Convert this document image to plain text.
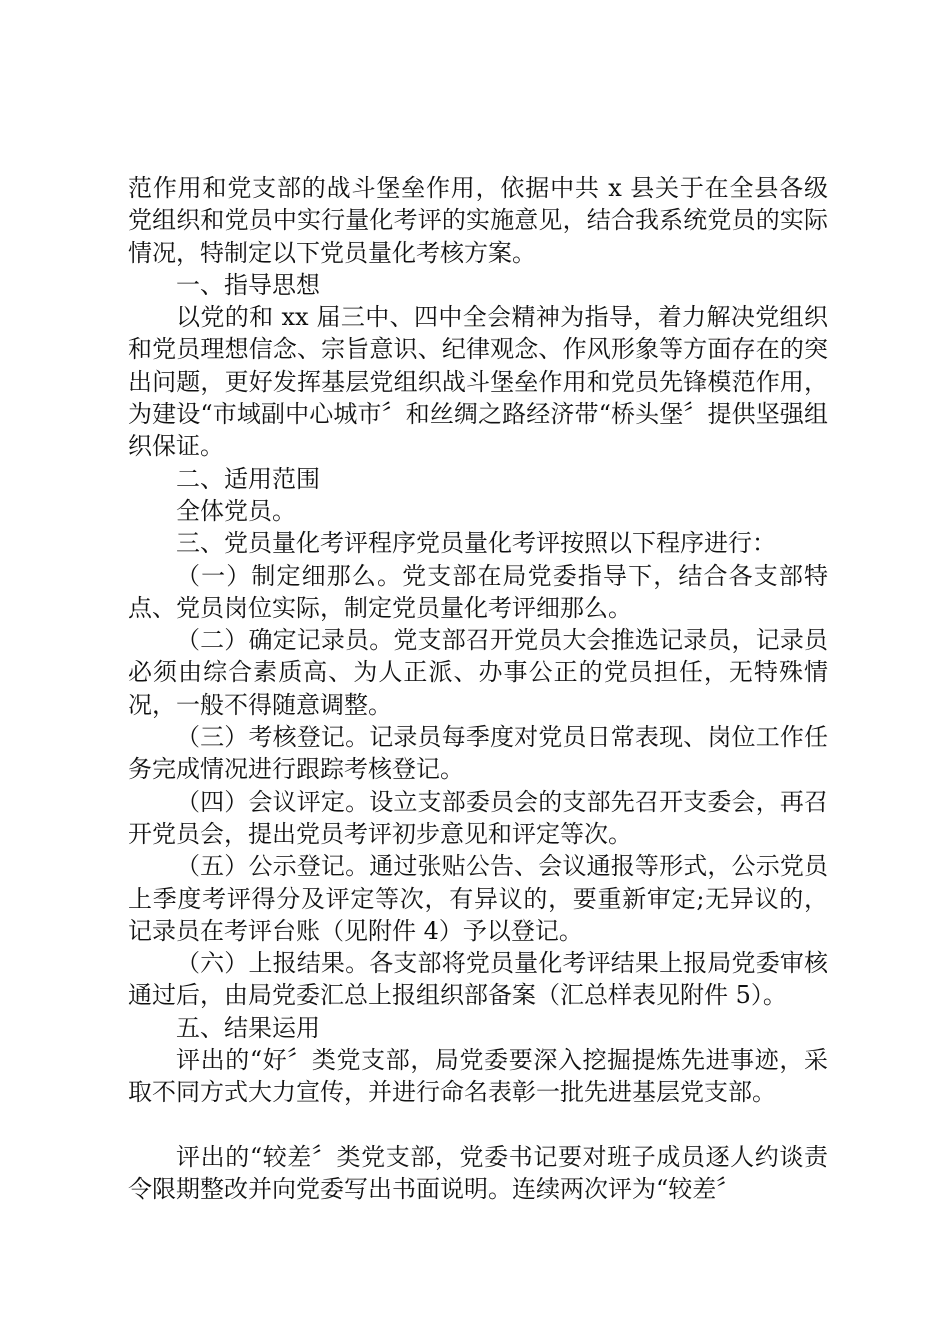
范作用和党支部的战斗堡垒作用，依据中共 x 县关于在全县各级党组织和党员中实行量化考评的实施意见，结合我系统党员的实际情况，特制定以下党员量化考核方案。

一、指导思想

以党的和 xx 届三中、四中全会精神为指导，着力解决党组织和党员理想信念、宗旨意识、纪律观念、作风形象等方面存在的突出问题，更好发挥基层党组织战斗堡垒作用和党员先锋模范作用，为建设“市域副中心城市〞和丝绸之路经济带“桥头堡〞提供坚强组织保证。

二、适用范围

全体党员。

三、党员量化考评程序党员量化考评按照以下程序进行：

（一）制定细那么。党支部在局党委指导下，结合各支部特点、党员岗位实际，制定党员量化考评细那么。

（二）确定记录员。党支部召开党员大会推选记录员，记录员必须由综合素质高、为人正派、办事公正的党员担任，无特殊情况，一般不得随意调整。

（三）考核登记。记录员每季度对党员日常表现、岗位工作任务完成情况进行跟踪考核登记。

（四）会议评定。设立支部委员会的支部先召开支委会，再召开党员会，提出党员考评初步意见和评定等次。

（五）公示登记。通过张贴公告、会议通报等形式，公示党员上季度考评得分及评定等次，有异议的，要重新审定;无异议的，记录员在考评台账（见附件 4）予以登记。

（六）上报结果。各支部将党员量化考评结果上报局党委审核通过后，由局党委汇总上报组织部备案（汇总样表见附件 5）。

五、结果运用

评出的“好〞类党支部，局党委要深入挖掘提炼先进事迹，采取不同方式大力宣传，并进行命名表彰一批先进基层党支部。

评出的“较差〞类党支部，党委书记要对班子成员逐人约谈责令限期整改并向党委写出书面说明。连续两次评为“较差〞
